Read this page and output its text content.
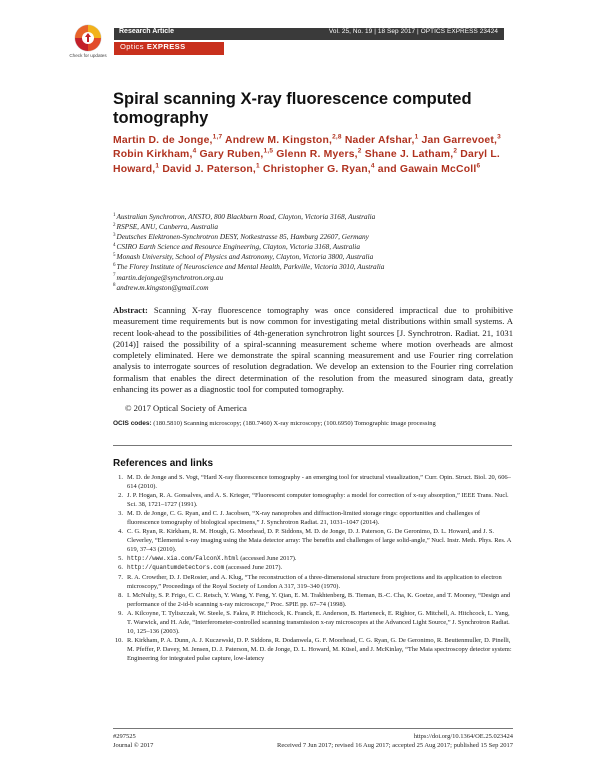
Check for updates
Research Article	Vol. 25, No. 19 | 18 Sep 2017 | OPTICS EXPRESS 23424
Optics EXPRESS
Spiral scanning X-ray fluorescence computed tomography
Martin D. de Jonge,$^{1,7}$ Andrew M. Kingston,$^{2,8}$ Nader Afshar,$^1$ Jan Garrevoet,$^3$ Robin Kirkham,$^4$ Gary Ruben,$^{1,5}$ Glenn R. Myers,$^2$ Shane J. Latham,$^2$ Daryl L. Howard,$^1$ David J. Paterson,$^1$ Christopher G. Ryan,$^4$ and Gawain McColl$^6$
$^1$Australian Synchrotron, ANSTO, 800 Blackburn Road, Clayton, Victoria 3168, Australia
$^2$RSPSE, ANU, Canberra, Australia
$^3$Deutsches Elektronen-Synchrotron DESY, Notkestrasse 85, Hamburg 22607, Germany
$^4$CSIRO Earth Science and Resource Engineering, Clayton, Victoria 3168, Australia
$^5$Monash University, School of Physics and Astronomy, Clayton, Victoria 3800, Australia
$^6$The Florey Institute of Neuroscience and Mental Health, Parkville, Victoria 3010, Australia
$^7$martin.dejonge@synchrotron.org.au
$^8$andrew.m.kingston@gmail.com
Abstract: Scanning X-ray fluorescence tomography was once considered impractical due to prohibitive measurement time requirements but is now common for investigating metal distributions within small systems. A recent look-ahead to the possibilities of 4th-generation synchrotron light sources [J. Synchrotron. Radiat. 21, 1031 (2014)] raised the possibility of a spiral-scanning measurement scheme where motion overheads are almost completely eliminated. Here we demonstrate the spiral scanning measurement and use Fourier ring correlation analysis to interrogate sources of resolution degradation. We develop an extension to the Fourier ring correlation formalism that enables the direct determination of the resolution from the measured sinogram data, greatly enhancing its power as a diagnostic tool for computed tomography.
© 2017 Optical Society of America
OCIS codes: (180.5810) Scanning microscopy; (180.7460) X-ray microscopy; (100.6950) Tomographic image processing
References and links
1. M. D. de Jonge and S. Vogt, “Hard X-ray fluorescence tomography - an emerging tool for structural visualization,” Curr. Opin. Struct. Biol. 20, 606–614 (2010).
2. J. P. Hogan, R. A. Gonsalves, and A. S. Krieger, “Fluorescent computer tomography: a model for correction of x-ray absorption,” IEEE Trans. Nucl. Sci. 38, 1721–1727 (1991).
3. M. D. de Jonge, C. G. Ryan, and C. J. Jacobsen, “X-ray nanoprobes and diffraction-limited storage rings: opportunities and challenges of fluorescence tomography of biological specimens,” J. Synchrotron Radiat. 21, 1031–1047 (2014).
4. C. G. Ryan, R. Kirkham, R. M. Hough, G. Moorhead, D. P. Siddons, M. D. de Jonge, D. J. Paterson, G. De Geronimo, D. L. Howard, and J. S. Cleverley, “Elemental x-ray imaging using the Maia detector array: The benefits and challenges of large solid-angle,” Nucl. Instr. Meth. Phys. Res. A 619, 37–43 (2010).
5. http://www.xia.com/FalconX.html (accessed June 2017).
6. http://quantumdetectors.com (accessed June 2017).
7. R. A. Crowther, D. J. DeRosier, and A. Klug, “The reconstruction of a three-dimensional structure from projections and its application to electron microscopy,” Proceedings of the Royal Society of London A 317, 319–340 (1970).
8. I. McNulty, S. P. Frigo, C. C. Retsch, Y. Wang, Y. Feng, Y. Qian, E. M. Trakhtenberg, B. Tieman, B.-C. Cha, K. Goetze, and T. Mooney, “Design and performance of the 2-id-b scanning x-ray microscope,” Proc. SPIE pp. 67–74 (1998).
9. A. Kilcoyne, T. Tyliszczak, W. Steele, S. Fakra, P. Hitchcock, K. Franck, E. Anderson, B. Harteneck, E. Rightor, G. Mitchell, A. Hitchcock, L. Yang, T. Warwick, and H. Ade, “Interferometer-controlled scanning transmission x-ray microscopes at the Advanced Light Source,” J. Synchrotron Radiat. 10, 125–136 (2003).
10. R. Kirkham, P. A. Dunn, A. J. Kuczewski, D. P. Siddons, R. Dodanwela, G. F. Moorhead, C. G. Ryan, G. De Geronimo, R. Beuttenmuller, D. Pinelli, M. Pfeffer, P. Davey, M. Jensen, D. J. Paterson, M. D. de Jonge, D. L. Howard, M. Küsel, and J. McKinlay, “The Maia spectroscopy detector system: Engineering for integrated pulse capture, low-latency
#297525	https://doi.org/10.1364/OE.25.023424
Journal © 2017	Received 7 Jun 2017; revised 16 Aug 2017; accepted 25 Aug 2017; published 15 Sep 2017
